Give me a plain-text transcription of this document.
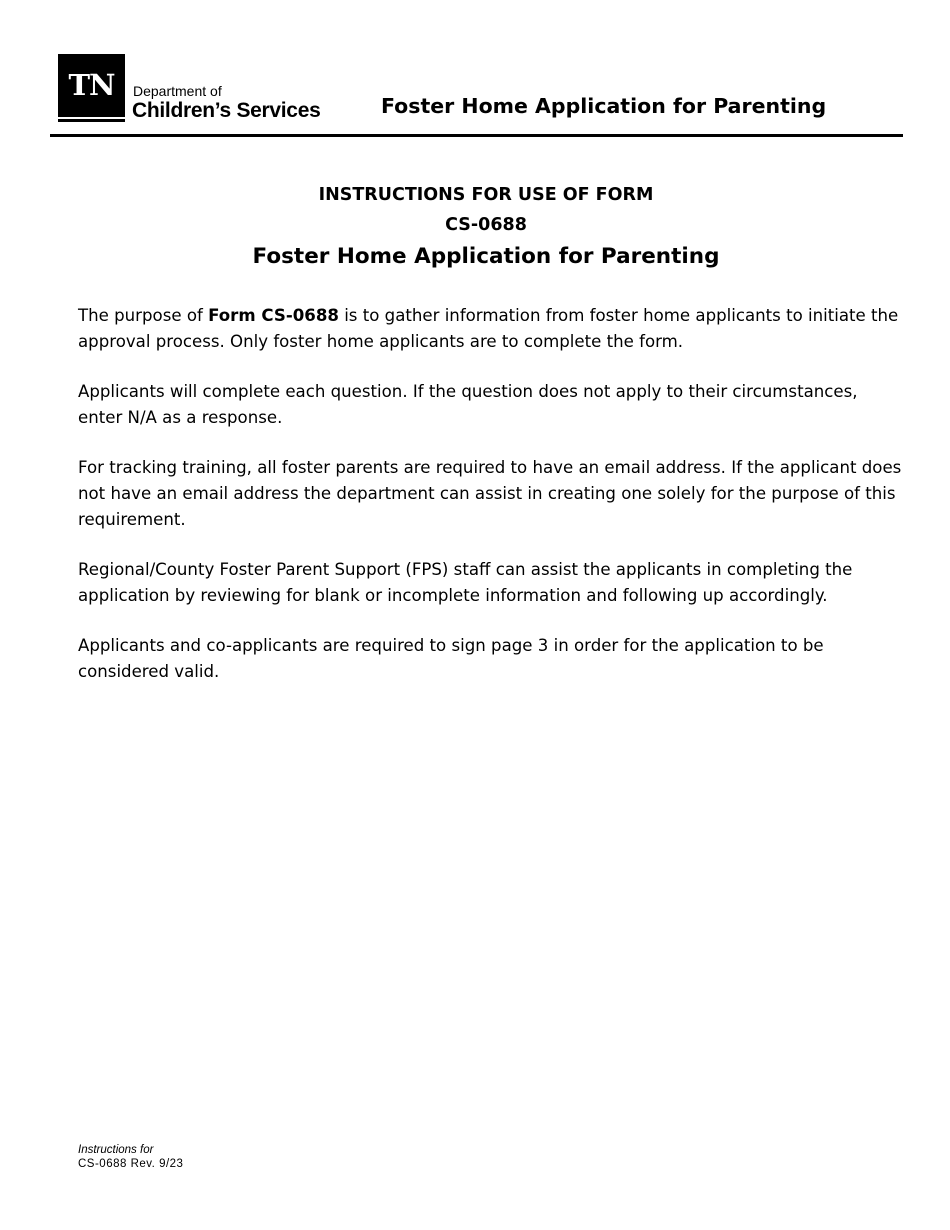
TN Department of
Children’s Services	Foster Home Application for Parenting
INSTRUCTIONS FOR USE OF FORM
CS-0688
Foster Home Application for Parenting

The purpose of Form CS-0688 is to gather information from foster home applicants to initiate the approval process. Only foster home applicants are to complete the form.

Applicants will complete each question. If the question does not apply to their circumstances, enter N/A as a response.

For tracking training, all foster parents are required to have an email address. If the applicant does not have an email address the department can assist in creating one solely for the purpose of this requirement.

Regional/County Foster Parent Support (FPS) staff can assist the applicants in completing the application by reviewing for blank or incomplete information and following up accordingly.

Applicants and co-applicants are required to sign page 3 in order for the application to be considered valid.

Instructions for
CS-0688 Rev. 9/23
